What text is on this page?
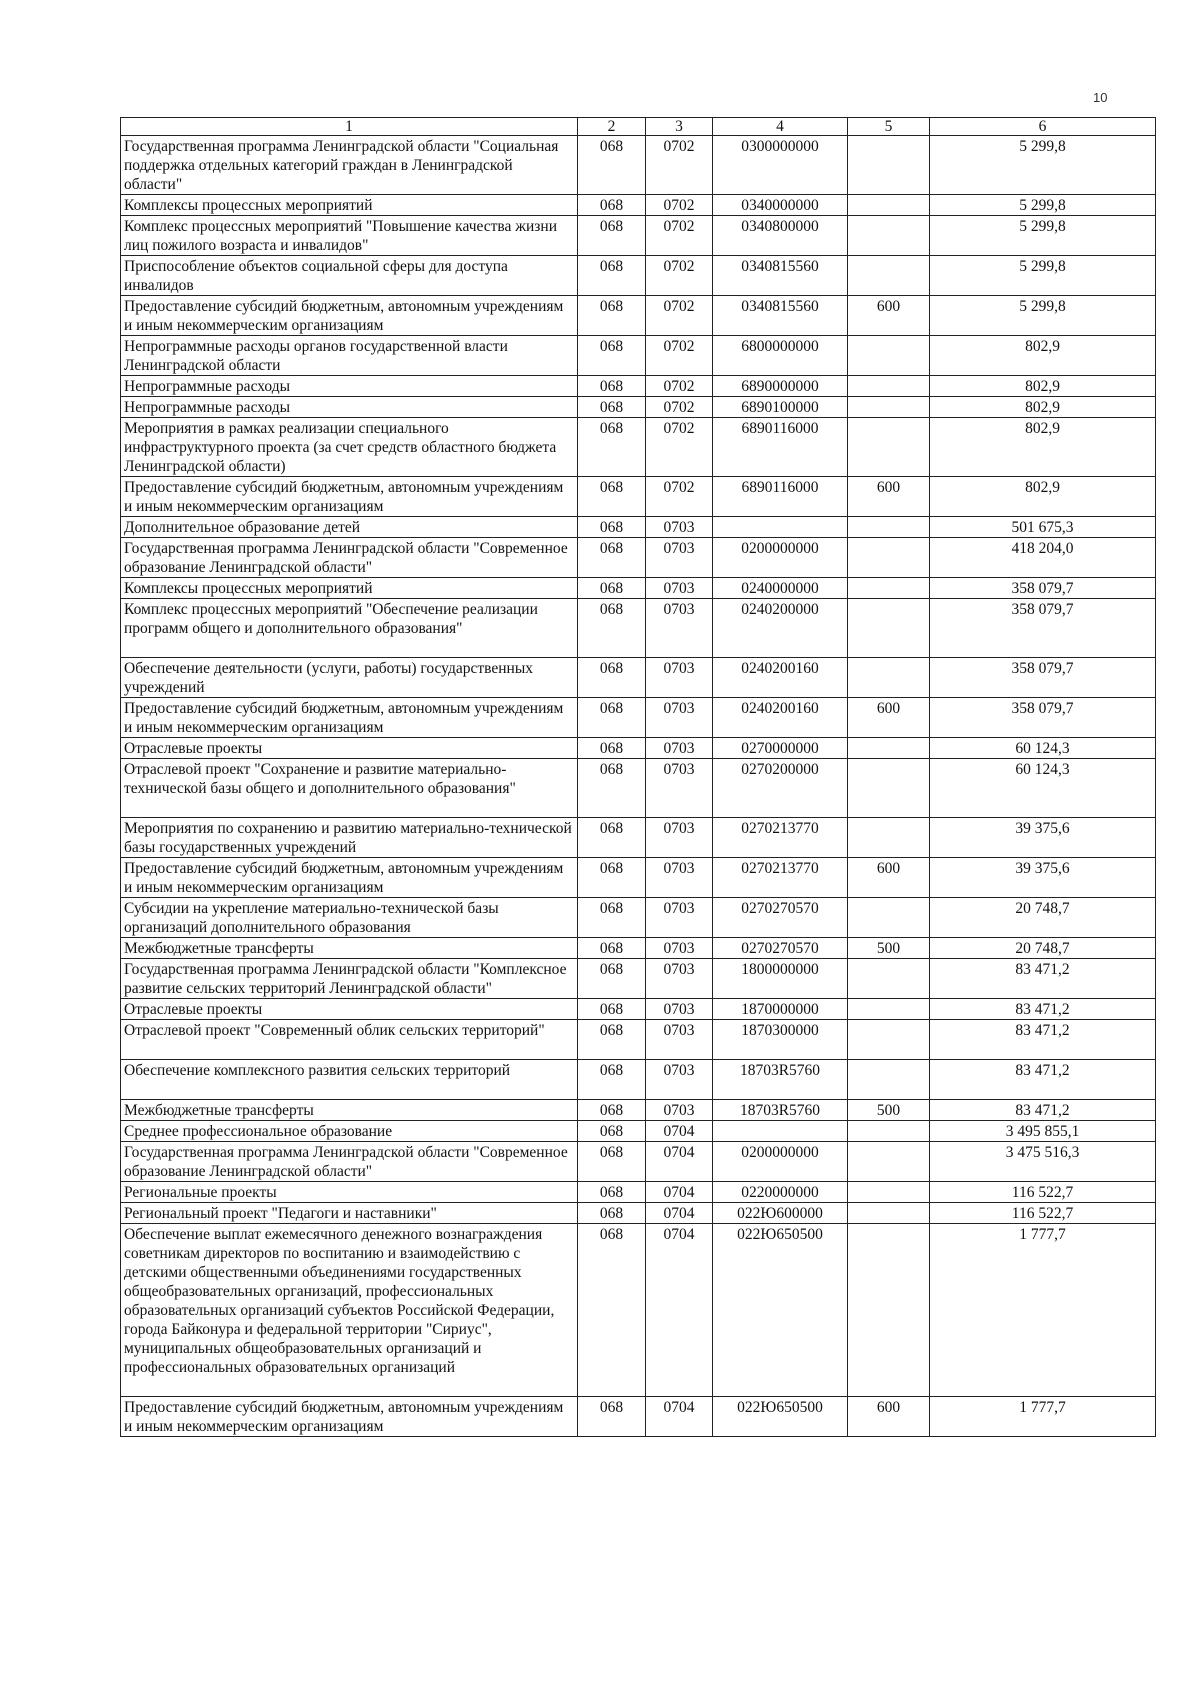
10
1	2	3	4	5	6
Государственная программа Ленинградской области "Социальная поддержка отдельных категорий граждан в Ленинградской области"	068	0702	0300000000		5 299,8
Комплексы процессных мероприятий	068	0702	0340000000		5 299,8
Комплекс процессных мероприятий "Повышение качества жизни лиц пожилого возраста и инвалидов"	068	0702	0340800000		5 299,8
Приспособление объектов социальной сферы для доступа инвалидов	068	0702	0340815560		5 299,8
Предоставление субсидий бюджетным, автономным учреждениям и иным некоммерческим организациям	068	0702	0340815560	600	5 299,8
Непрограммные расходы органов государственной власти Ленинградской области	068	0702	6800000000		802,9
Непрограммные расходы	068	0702	6890000000		802,9
Непрограммные расходы	068	0702	6890100000		802,9
Мероприятия в рамках реализации специального инфраструктурного проекта (за счет средств областного бюджета Ленинградской области)	068	0702	6890116000		802,9
Предоставление субсидий бюджетным, автономным учреждениям и иным некоммерческим организациям	068	0702	6890116000	600	802,9
Дополнительное образование детей	068	0703			501 675,3
Государственная программа Ленинградской области "Современное образование Ленинградской области"	068	0703	0200000000		418 204,0
Комплексы процессных мероприятий	068	0703	0240000000		358 079,7
Комплекс процессных мероприятий "Обеспечение реализации программ общего и дополнительного образования"	068	0703	0240200000		358 079,7
Обеспечение деятельности (услуги, работы) государственных учреждений	068	0703	0240200160		358 079,7
Предоставление субсидий бюджетным, автономным учреждениям и иным некоммерческим организациям	068	0703	0240200160	600	358 079,7
Отраслевые проекты	068	0703	0270000000		60 124,3
Отраслевой проект "Сохранение и развитие материально-технической базы общего и дополнительного образования"	068	0703	0270200000		60 124,3
Мероприятия по сохранению и развитию материально-технической базы государственных учреждений	068	0703	0270213770		39 375,6
Предоставление субсидий бюджетным, автономным учреждениям и иным некоммерческим организациям	068	0703	0270213770	600	39 375,6
Субсидии на укрепление материально-технической базы организаций дополнительного образования	068	0703	0270270570		20 748,7
Межбюджетные трансферты	068	0703	0270270570	500	20 748,7
Государственная программа Ленинградской области "Комплексное развитие сельских территорий Ленинградской области"	068	0703	1800000000		83 471,2
Отраслевые проекты	068	0703	1870000000		83 471,2
Отраслевой проект "Современный облик сельских территорий"	068	0703	1870300000		83 471,2
Обеспечение комплексного развития сельских территорий	068	0703	18703R5760		83 471,2
Межбюджетные трансферты	068	0703	18703R5760	500	83 471,2
Среднее профессиональное образование	068	0704			3 495 855,1
Государственная программа Ленинградской области "Современное образование Ленинградской области"	068	0704	0200000000		3 475 516,3
Региональные проекты	068	0704	0220000000		116 522,7
Региональный проект "Педагоги и наставники"	068	0704	022Ю600000		116 522,7
Обеспечение выплат ежемесячного денежного вознаграждения советникам директоров по воспитанию и взаимодействию с детскими общественными объединениями государственных общеобразовательных организаций, профессиональных образовательных организаций субъектов Российской Федерации, города Байконура и федеральной территории "Сириус", муниципальных общеобразовательных организаций и профессиональных образовательных организаций	068	0704	022Ю650500		1 777,7
Предоставление субсидий бюджетным, автономным учреждениям и иным некоммерческим организациям	068	0704	022Ю650500	600	1 777,7
